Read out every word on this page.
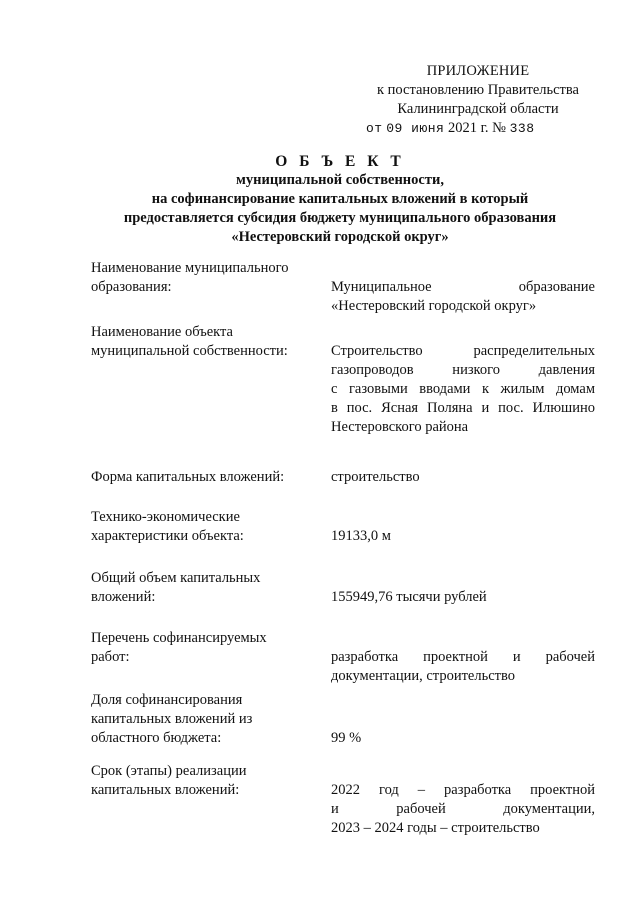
ПРИЛОЖЕНИЕ
к постановлению Правительства
Калининградской области
от 09 июня 2021 г. № 338
О Б Ъ Е К Т
муниципальной собственности,
на софинансирование капитальных вложений в который
предоставляется субсидия бюджету муниципального образования
«Нестеровский городской округ»
Наименование муниципального
образования:	Муниципальное образование
«Нестеровский городской округ»
Наименование объекта
муниципальной собственности:	Строительство распределительных
газопроводов низкого давления
с газовыми вводами к жилым домам
в пос. Ясная Поляна и пос. Илюшино
Нестеровского района
Форма капитальных вложений:	строительство
Технико-экономические
характеристики объекта:	19133,0 м
Общий объем капитальных
вложений:	155949,76 тысячи рублей
Перечень софинансируемых
работ:	разработка проектной и рабочей
документации, строительство
Доля софинансирования
капитальных вложений из
областного бюджета:	99 %
Срок (этапы) реализации
капитальных вложений:	2022 год – разработка проектной
и рабочей документации,
2023 – 2024 годы – строительство
